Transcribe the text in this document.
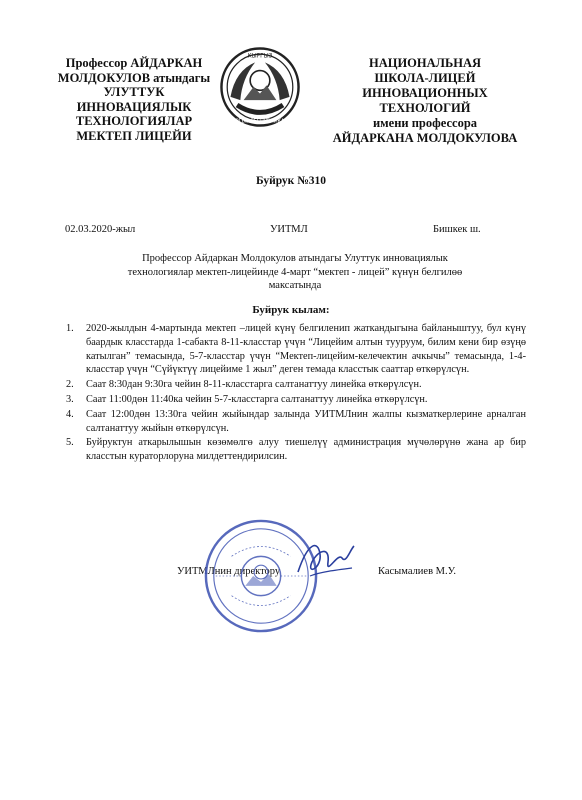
Профессор АЙДАРКАН
МОЛДОКУЛОВ атындагы
УЛУТТУК
ИННОВАЦИЯЛЫК
ТЕХНОЛОГИЯЛАР
МЕКТЕП ЛИЦЕЙИ
КЫРГЫЗ
КЫРГЫЗ РЕСПУБЛИКАСЫ
НАЦИОНАЛЬНАЯ
ШКОЛА-ЛИЦЕЙ
ИННОВАЦИОННЫХ
ТЕХНОЛОГИЙ
имени профессора
АЙДАРКАНА МОЛДОКУЛОВА
Буйрук №310
02.03.2020-жыл	УИТМЛ	Бишкек ш.
Профессор Айдаркан Молдокулов атындагы Улуттук инновациялык технологиялар мектеп-лицейинде 4-март “мектеп - лицей” күнүн белгилөө максатында
Буйрук кылам:
1.	2020-жылдын 4-мартында мектеп –лицей күнү белгиленип жаткандыгына байланыштуу, бул күнү баардык класстарда 1-сабакта 8-11-класстар үчүн “Лицейим алтын тууруум, билим кени бир өзүңө катылган” темасында, 5-7-класстар үчүн “Мектеп-лицейим-келечектин ачкычы” темасында, 1-4-класстар үчүн “Сүйүктүү лицейиме 1 жыл” деген темада класстык сааттар өткөрүлсүн.
2.	Саат 8:30дан 9:30га чейин 8-11-класстарга салтанаттуу линейка өткөрүлсүн.
3.	Саат 11:00дөн 11:40ка чейин 5-7-класстарга салтанаттуу линейка өткөрүлсүн.
4.	Саат 12:00дөн 13:30га чейин жыйындар залында УИТМЛнин жалпы кызматкерлерине арналган салтанаттуу жыйын өткөрүлсүн.
5.	Буйруктун аткарылышын көзөмөлгө алуу тиешелүү администрация мүчөлөрүнө жана ар бир класстын кураторлоруна милдеттендирилсин.
УИТМЛнин директору	Касымалиев М.У.
